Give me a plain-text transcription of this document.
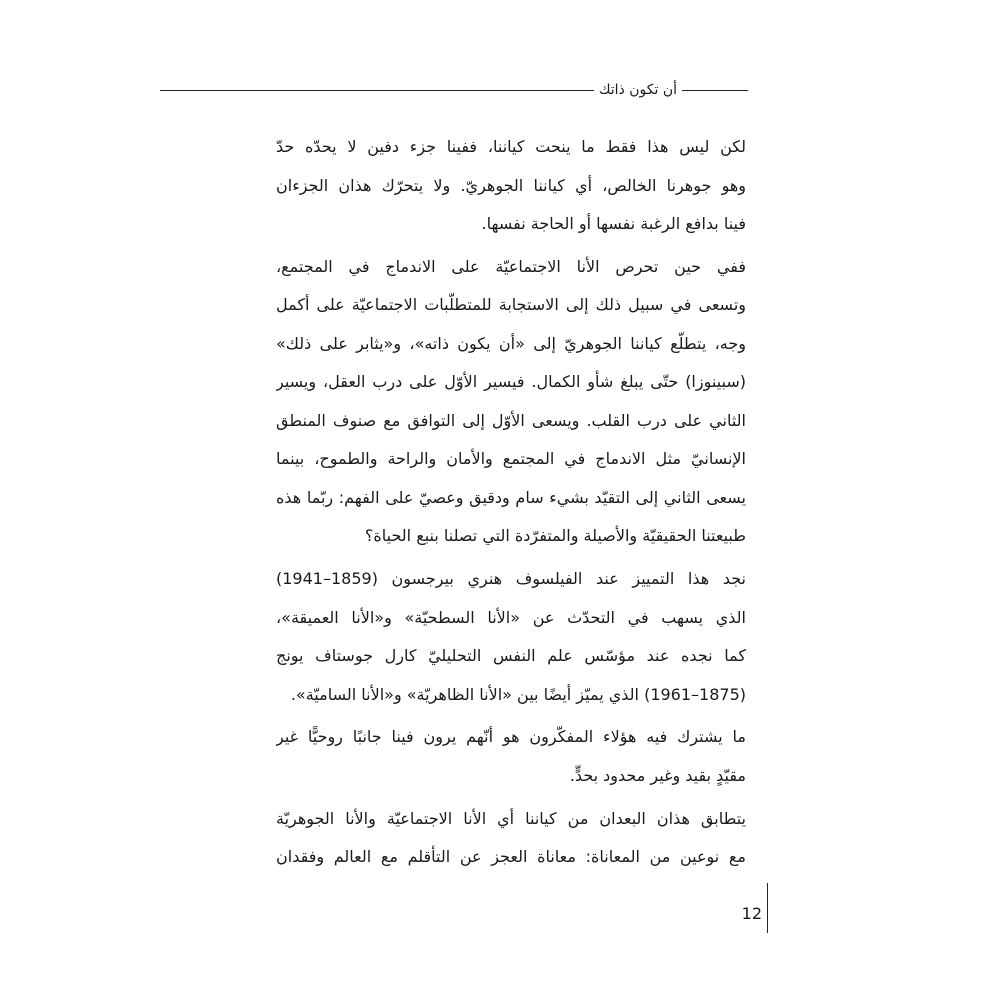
أن تكون ذاتك
لكن ليس هذا فقط ما ينحت كياننا، ففينا جزء دفين لا يحدّه حدّ
وهو جوهرنا الخالص، أي كياننا الجوهريّ. ولا يتحرّك هذان الجزءان
فينا بدافع الرغبة نفسها أو الحاجة نفسها.
ففي حين تحرص الأنا الاجتماعيّة على الاندماج في المجتمع،
وتسعى في سبيل ذلك إلى الاستجابة للمتطلّبات الاجتماعيّة على أكمل
وجه، يتطلّع كياننا الجوهريّ إلى «أن يكون ذاته»، و«يثابر على ذلك»
(سبينوزا) حتّى يبلغ شأو الكمال. فيسير الأوّل على درب العقل، ويسير
الثاني على درب القلب. ويسعى الأوّل إلى التوافق مع صنوف المنطق
الإنسانيّ مثل الاندماج في المجتمع والأمان والراحة والطموح، بينما
يسعى الثاني إلى التقيّد بشيء سام ودقيق وعصيّ على الفهم: ربّما هذه
طبيعتنا الحقيقيّة والأصيلة والمتفرّدة التي تصلنا بنبع الحياة؟
نجد هذا التمييز عند الفيلسوف هنري بيرجسون (1859–1941)
الذي يسهب في التحدّث عن «الأنا السطحيّة» و«الأنا العميقة»،
كما نجده عند مؤسّس علم النفس التحليليّ كارل جوستاف يونج
(1875–1961) الذي يميّز أيضًا بين «الأنا الظاهريّة» و«الأنا الساميّة».
ما يشترك فيه هؤلاء المفكّرون هو أنّهم يرون فينا جانبًا روحيًّا غير
مقيّدٍ بقيد وغير محدود بحدٍّ.
يتطابق هذان البعدان من كياننا أي الأنا الاجتماعيّة والأنا الجوهريّة
مع نوعين من المعاناة: معاناة العجز عن التأقلم مع العالم وفقدان
12
